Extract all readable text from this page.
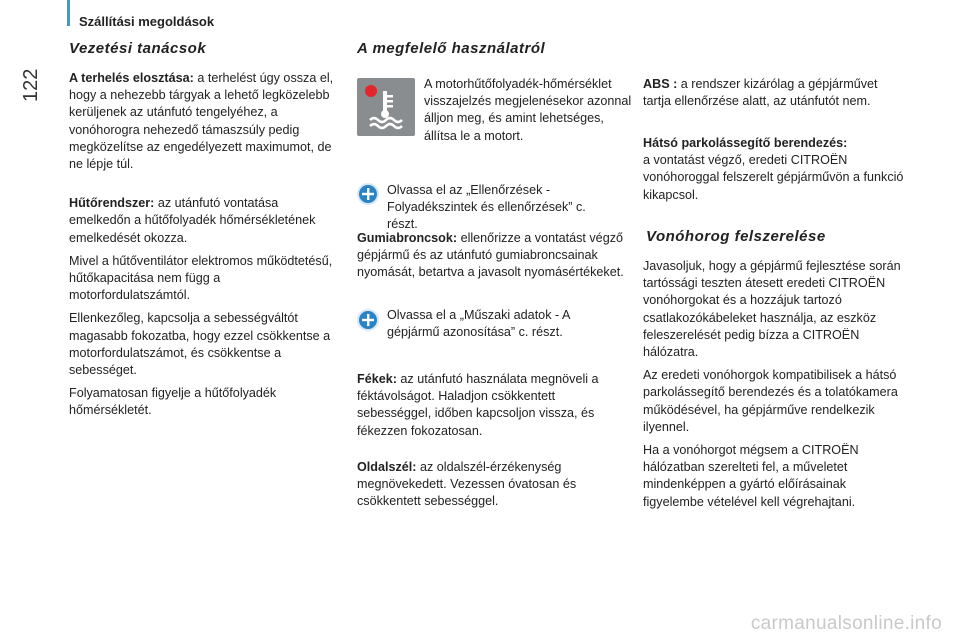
Szállítási megoldások
122
Vezetési tanácsok

A terhelés elosztása: a terhelést úgy ossza el, hogy a nehezebb tárgyak a lehető legközelebb kerüljenek az utánfutó tengelyéhez, a vonóhorogra nehezedő támaszsúly pedig megközelítse az engedélyezett maximumot, de ne lépje túl.

Hűtőrendszer: az utánfutó vontatása emelkedőn a hűtőfolyadék hőmérsékletének emelkedését okozza.

Mivel a hűtőventilátor elektromos működtetésű, hűtőkapacitása nem függ a motorfordulatszámtól.

Ellenkezőleg, kapcsolja a sebességváltót magasabb fokozatba, hogy ezzel csökkentse a motorfordulatszámot, és csökkentse a sebességet.

Folyamatosan figyelje a hűtőfolyadék hőmérsékletét.

A megfelelő használatról

A motorhűtőfolyadék-hőmérséklet visszajelzés megjelenésekor azonnal álljon meg, és amint lehetséges, állítsa le a motort.

Olvassa el az „Ellenőrzések - Folyadékszintek és ellenőrzések” c. részt.

Gumiabroncsok: ellenőrizze a vontatást végző gépjármű és az utánfutó gumiabroncsainak nyomását, betartva a javasolt nyomásértékeket.

Olvassa el a „Műszaki adatok - A gépjármű azonosítása” c. részt.

Fékek: az utánfutó használata megnöveli a féktávolságot. Haladjon csökkentett sebességgel, időben kapcsoljon vissza, és fékezzen fokozatosan.

Oldalszél: az oldalszél-érzékenység megnövekedett. Vezessen óvatosan és csökkentett sebességgel.

ABS : a rendszer kizárólag a gépjárművet tartja ellenőrzése alatt, az utánfutót nem.

Hátsó parkolássegítő berendezés:

a vontatást végző, eredeti CITROËN vonóhoroggal felszerelt gépjárművön a funkció kikapcsol.

Vonóhorog felszerelése

Javasoljuk, hogy a gépjármű fejlesztése során tartóssági teszten átesett eredeti CITROËN vonóhorgokat és a hozzájuk tartozó csatlakozókábeleket használja, az eszköz feleszerelését pedig bízza a CITROËN hálózatra.

Az eredeti vonóhorgok kompatibilisek a hátsó parkolássegítő berendezés és a tolatókamera működésével, ha gépjárműve rendelkezik ilyennel.

Ha a vonóhorgot mégsem a CITROËN hálózatban szerelteti fel, a műveletet mindenképpen a gyártó előírásainak figyelembe vételével kell végrehajtani.

carmanualsonline.info
